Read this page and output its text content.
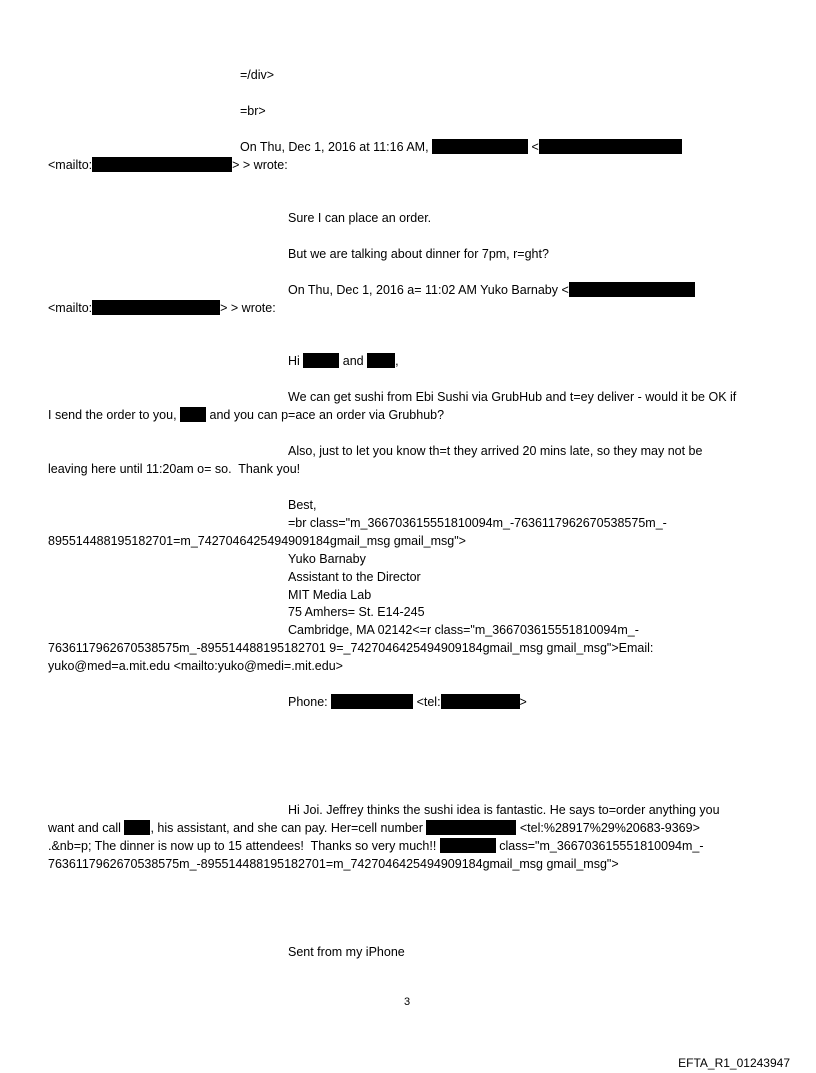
=/div>
=br>
On Thu, Dec 1, 2016 at 11:16 AM,	<
<mailto:	> > wrote:
Sure I can place an order.
But we are talking about dinner for 7pm, r=ght?
On Thu, Dec 1, 2016 a= 11:02 AM Yuko Barnaby <
<mailto:	> > wrote:
Hi	and ,
We can get sushi from Ebi Sushi via GrubHub and t=ey deliver - would it be OK if
I send the order to you,  and you can p=ace an order via Grubhub?
Also, just to let you know th=t they arrived 20 mins late, so they may not be
leaving here until 11:20am o= so.  Thank you!
Best,
=br class="m_366703615551810094m_-7636117962670538575m_-
895514488195182701=m_7427046425494909184gmail_msg gmail_msg">
Yuko Barnaby
Assistant to the Director
MIT Media Lab
75 Amhers= St. E14-245
Cambridge, MA 02142<=r class="m_366703615551810094m_-
7636117962670538575m_-895514488195182701 9=_7427046425494909184gmail_msg gmail_msg">Email:
yuko@med=a.mit.edu <mailto:yuko@medi=.mit.edu>
Phone:	<tel:	>
Hi Joi. Jeffrey thinks the sushi idea is fantastic. He says to=order anything you
want and call , his assistant, and she can pay. Her=cell number	<tel:%28917%29%20683-9369>
.&nb=p; The dinner is now up to 15 attendees!  Thanks so very much!!	class="m_366703615551810094m_-
7636117962670538575m_-895514488195182701=m_7427046425494909184gmail_msg gmail_msg">
Sent from my iPhone
3
EFTA_R1_01243947
